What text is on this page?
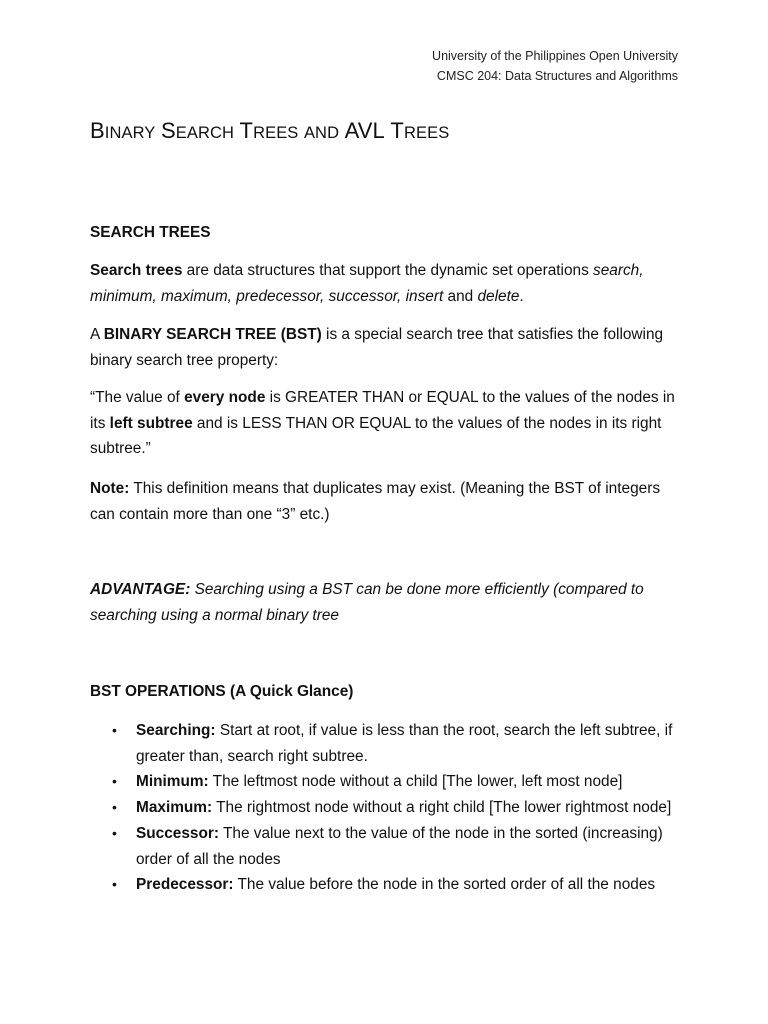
University of the Philippines Open University
CMSC 204: Data Structures and Algorithms
BINARY SEARCH TREES AND AVL TREES
SEARCH TREES
Search trees are data structures that support the dynamic set operations search, minimum, maximum, predecessor, successor, insert and delete.
A BINARY SEARCH TREE (BST) is a special search tree that satisfies the following binary search tree property:
“The value of every node is GREATER THAN or EQUAL to the values of the nodes in its left subtree and is LESS THAN OR EQUAL to the values of the nodes in its right subtree.”
Note: This definition means that duplicates may exist. (Meaning the BST of integers can contain more than one “3” etc.)
ADVANTAGE: Searching using a BST can be done more efficiently (compared to searching using a normal binary tree
BST OPERATIONS (A Quick Glance)
• Searching: Start at root, if value is less than the root, search the left subtree, if greater than, search right subtree.
• Minimum: The leftmost node without a child [The lower, left most node]
• Maximum: The rightmost node without a right child [The lower rightmost node]
• Successor: The value next to the value of the node in the sorted (increasing) order of all the nodes
• Predecessor: The value before the node in the sorted order of all the nodes
